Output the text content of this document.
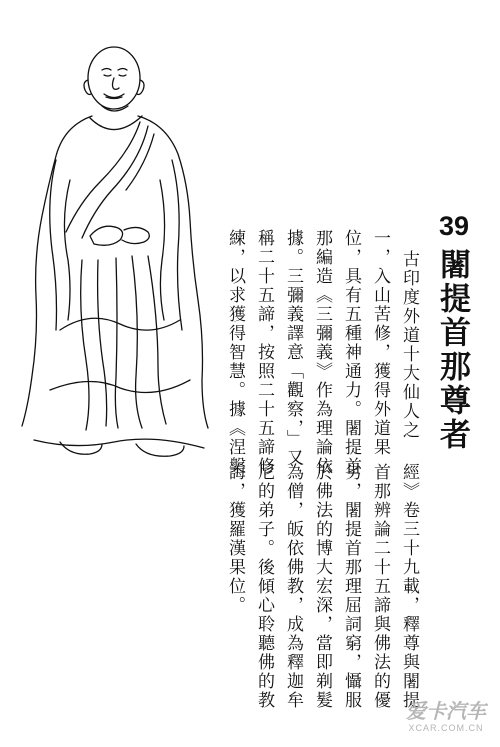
39
闍提首那尊者
古印度外道十大仙人之
一，入山苦修，獲得外道果
位，具有五種神通力。闍提首
那編造《三彌義》作為理論依
據。三彌義譯意「觀察，」又
稱二十五諦，按照二十五諦修
練，以求獲得智慧。據《涅槃
經》卷三十九載，釋尊與闍提
首那辨論二十五諦與佛法的優
劣，闍提首那理屈詞窮，懾服
於佛法的博大宏深，當即剃髮
為僧，皈依佛教，成為釋迦牟
尼的弟子。後傾心聆聽佛的教
誨，獲羅漢果位。
爱卡汽车
XCAR.COM.CN
